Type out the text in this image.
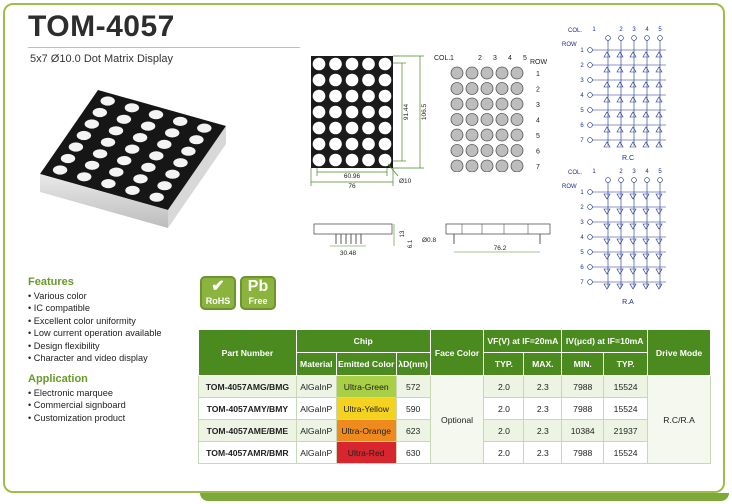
TOM-4057
5x7 Ø10.0 Dot Matrix Display
60.96
76
91.44 106.5
Ø10
COL.
ROW
1	2 3 4 5
1
2
3
4
5
6
7
30.48
13
6.1 Ø0.8
76.2
1	2 3 4 5
1
2
3
4
5
6
7
COL.
ROW
R.C
1	2 3 4 5
1
2
3
4
5
6
7
COL.
ROW
R.A
Features
• Various color
• IC compatible
• Excellent color uniformity
• Low current operation available
• Design flexibility
• Character and video display
Application
• Electronic marquee
• Commercial signboard
• Customization product
✔
RoHS
Pb
Free
Part Number	Chip			Face Color	VF(V) at IF=20mA		IV(μcd) at IF=10mA		Drive Mode
	Material	Emitted Color	λD(nm)		TYP.	MAX.	MIN.	TYP.	
TOM-4057AMG/BMG	AlGaInP	Ultra-Green	572	Optional	2.0	2.3	7988	15524	R.C/R.A
TOM-4057AMY/BMY	AlGaInP	Ultra-Yellow	590		2.0	2.3	7988	15524	
TOM-4057AME/BME	AlGaInP	Ultra-Orange	623		2.0	2.3	10384	21937	
TOM-4057AMR/BMR	AlGaInP	Ultra-Red	630		2.0	2.3	7988	15524	
